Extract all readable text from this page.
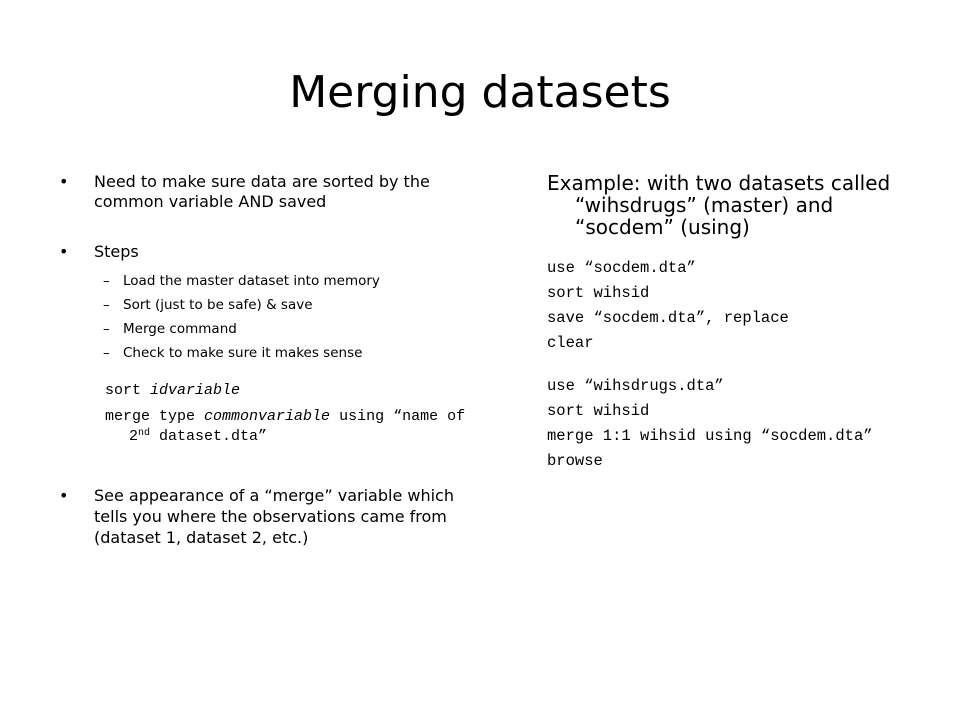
Merging datasets
• Need to make sure data are sorted by the common variable AND saved
• Steps
– Load the master dataset into memory
– Sort (just to be safe) & save
– Merge command
– Check to make sure it makes sense
sort idvariable
merge type commonvariable using “name of 2nd dataset.dta”
• See appearance of a “merge” variable which tells you where the observations came from (dataset 1, dataset 2, etc.)
Example: with two datasets called “wihsdrugs” (master) and “socdem” (using)
use “socdem.dta”
sort wihsid
save “socdem.dta”, replace
clear
use “wihsdrugs.dta”
sort wihsid
merge 1:1 wihsid using “socdem.dta”
browse
